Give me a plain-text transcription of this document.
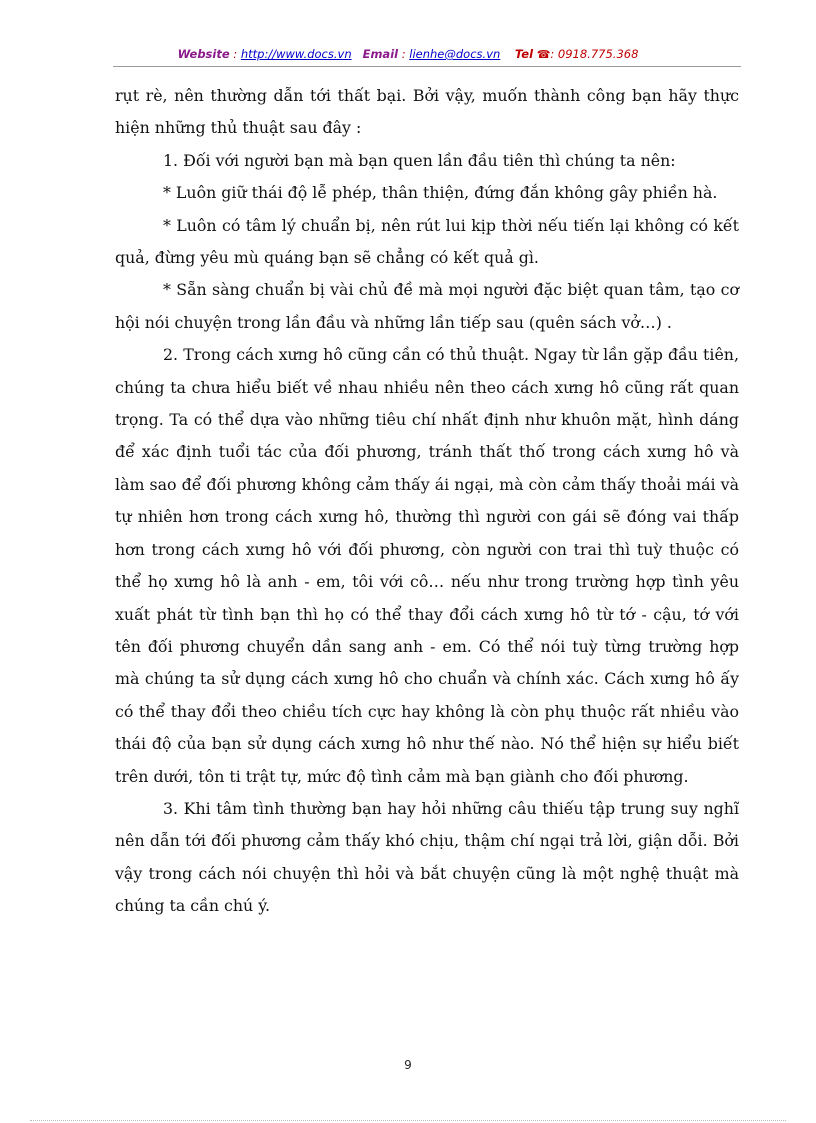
Website : http://www.docs.vn Email : lienhe@docs.vn Tel ☎: 0918.775.368

rụt rè, nên thường dẫn tới thất bại. Bởi vậy, muốn thành công bạn hãy thực hiện những thủ thuật sau đây :

1. Đối với người bạn mà bạn quen lần đầu tiên thì chúng ta nên:

* Luôn giữ thái độ lễ phép, thân thiện, đứng đắn không gây phiền hà.

* Luôn có tâm lý chuẩn bị, nên rút lui kịp thời nếu tiến lại không có kết quả, đừng yêu mù quáng bạn sẽ chẳng có kết quả gì.

* Sẵn sàng chuẩn bị vài chủ đề mà mọi người đặc biệt quan tâm, tạo cơ hội nói chuyện trong lần đầu và những lần tiếp sau (quên sách vở…) .

2. Trong cách xưng hô cũng cần có thủ thuật. Ngay từ lần gặp đầu tiên, chúng ta chưa hiểu biết về nhau nhiều nên theo cách xưng hô cũng rất quan trọng. Ta có thể dựa vào những tiêu chí nhất định như khuôn mặt, hình dáng để xác định tuổi tác của đối phương, tránh thất thố trong cách xưng hô và làm sao để đối phương không cảm thấy ái ngại, mà còn cảm thấy thoải mái và tự nhiên hơn trong cách xưng hô, thường thì người con gái sẽ đóng vai thấp hơn trong cách xưng hô với đối phương, còn người con trai thì tuỳ thuộc có thể họ xưng hô là anh - em, tôi với cô… nếu như trong trường hợp tình yêu xuất phát từ tình bạn thì họ có thể thay đổi cách xưng hô từ tớ - cậu, tớ với tên đối phương chuyển dần sang anh - em. Có thể nói tuỳ từng trường hợp mà chúng ta sử dụng cách xưng hô cho chuẩn và chính xác. Cách xưng hô ấy có thể thay đổi theo chiều tích cực hay không là còn phụ thuộc rất nhiều vào thái độ của bạn sử dụng cách xưng hô như thế nào. Nó thể hiện sự hiểu biết trên dưới, tôn ti trật tự, mức độ tình cảm mà bạn giành cho đối phương.

3. Khi tâm tình thường bạn hay hỏi những câu thiếu tập trung suy nghĩ nên dẫn tới đối phương cảm thấy khó chịu, thậm chí ngại trả lời, giận dỗi. Bởi vậy trong cách nói chuyện thì hỏi và bắt chuyện cũng là một nghệ thuật mà chúng ta cần chú ý.

9
